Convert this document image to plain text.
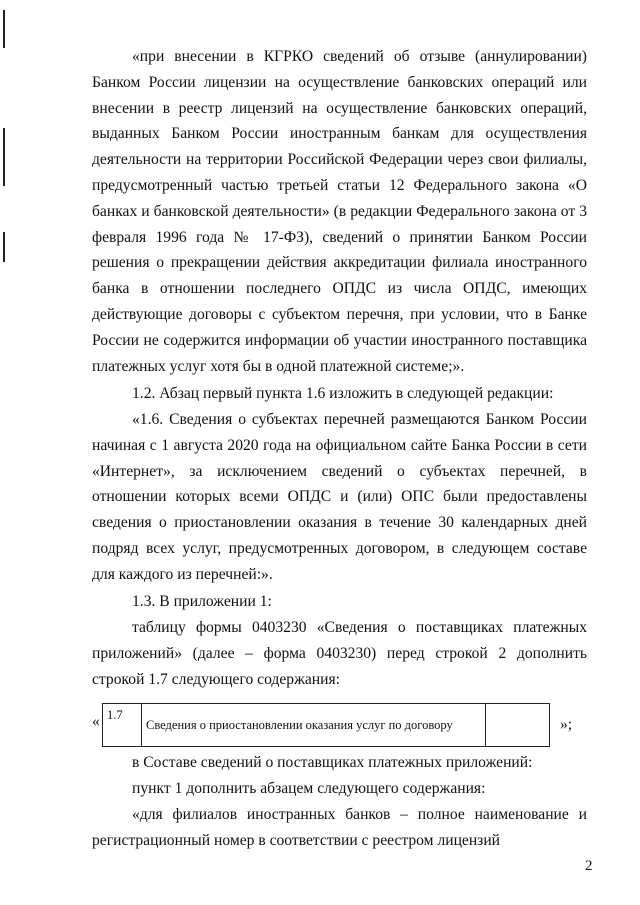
«при внесении в КГРКО сведений об отзыве (аннулировании) Банком России лицензии на осуществление банковских операций или внесении в реестр лицензий на осуществление банковских операций, выданных Банком России иностранным банкам для осуществления деятельности на территории Российской Федерации через свои филиалы, предусмотренный частью третьей статьи 12 Федерального закона «О банках и банковской деятельности» (в редакции Федерального закона от 3 февраля 1996 года № 17-ФЗ), сведений о принятии Банком России решения о прекращении действия аккредитации филиала иностранного банка в отношении последнего ОПДС из числа ОПДС, имеющих действующие договоры с субъектом перечня, при условии, что в Банке России не содержится информации об участии иностранного поставщика платежных услуг хотя бы в одной платежной системе;».

1.2. Абзац первый пункта 1.6 изложить в следующей редакции:

«1.6. Сведения о субъектах перечней размещаются Банком России начиная с 1 августа 2020 года на официальном сайте Банка России в сети «Интернет», за исключением сведений о субъектах перечней, в отношении которых всеми ОПДС и (или) ОПС были предоставлены сведения о приостановлении оказания в течение 30 календарных дней подряд всех услуг, предусмотренных договором, в следующем составе для каждого из перечней:».

1.3. В приложении 1:

таблицу формы 0403230 «Сведения о поставщиках платежных приложений» (далее – форма 0403230) перед строкой 2 дополнить строкой 1.7 следующего содержания:

« 1.7	Сведения о приостановлении оказания услуг по договору		»;

в Составе сведений о поставщиках платежных приложений:

пункт 1 дополнить абзацем следующего содержания:

«для филиалов иностранных банков – полное наименование и регистрационный номер в соответствии с реестром лицензий

2
